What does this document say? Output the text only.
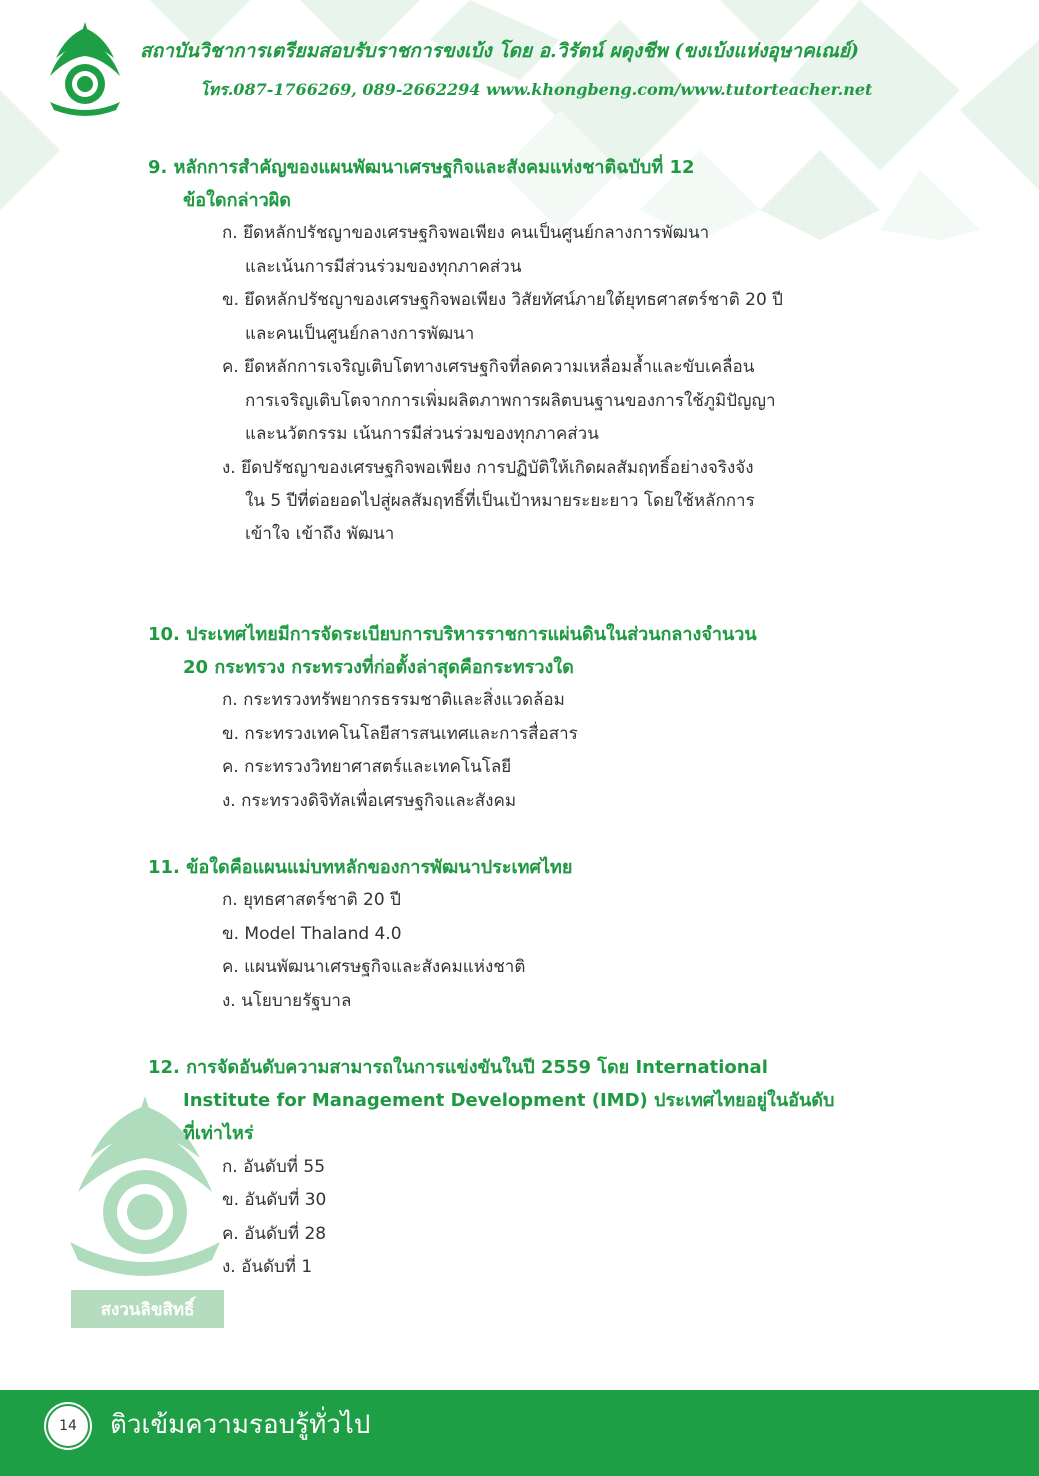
สถาบันวิชาการเตรียมสอบรับราชการขงเบ้ง โดย อ.วิรัตน์ ผดุงชีพ (ขงเบ้งแห่งอุษาคเณย์)
โทร.087-1766269, 089-2662294 www.khongbeng.com/www.tutorteacher.net
สงวนลิขสิทธิ์
9. หลักการสำคัญของแผนพัฒนาเศรษฐกิจและสังคมแห่งชาติฉบับที่ 12
ข้อใดกล่าวผิด
ก. ยึดหลักปรัชญาของเศรษฐกิจพอเพียง คนเป็นศูนย์กลางการพัฒนา
และเน้นการมีส่วนร่วมของทุกภาคส่วน
ข. ยึดหลักปรัชญาของเศรษฐกิจพอเพียง วิสัยทัศน์ภายใต้ยุทธศาสตร์ชาติ 20 ปี
และคนเป็นศูนย์กลางการพัฒนา
ค. ยึดหลักการเจริญเติบโตทางเศรษฐกิจที่ลดความเหลื่อมล้ำและขับเคลื่อน
การเจริญเติบโตจากการเพิ่มผลิตภาพการผลิตบนฐานของการใช้ภูมิปัญญา
และนวัตกรรม เน้นการมีส่วนร่วมของทุกภาคส่วน
ง. ยึดปรัชญาของเศรษฐกิจพอเพียง การปฏิบัติให้เกิดผลสัมฤทธิ์อย่างจริงจัง
ใน 5 ปีที่ต่อยอดไปสู่ผลสัมฤทธิ์ที่เป็นเป้าหมายระยะยาว โดยใช้หลักการ
เข้าใจ เข้าถึง พัฒนา
10. ประเทศไทยมีการจัดระเบียบการบริหารราชการแผ่นดินในส่วนกลางจำนวน
20 กระทรวง กระทรวงที่ก่อตั้งล่าสุดคือกระทรวงใด
ก. กระทรวงทรัพยากรธรรมชาติและสิ่งแวดล้อม
ข. กระทรวงเทคโนโลยีสารสนเทศและการสื่อสาร
ค. กระทรวงวิทยาศาสตร์และเทคโนโลยี
ง. กระทรวงดิจิทัลเพื่อเศรษฐกิจและสังคม
11. ข้อใดคือแผนแม่บทหลักของการพัฒนาประเทศไทย
ก. ยุทธศาสตร์ชาติ 20 ปี
ข. Model Thaland 4.0
ค. แผนพัฒนาเศรษฐกิจและสังคมแห่งชาติ
ง. นโยบายรัฐบาล
12. การจัดอันดับความสามารถในการแข่งขันในปี 2559 โดย International
Institute for Management Development (IMD) ประเทศไทยอยู่ในอันดับ
ที่เท่าไหร่
ก. อันดับที่ 55
ข. อันดับที่ 30
ค. อันดับที่ 28
ง. อันดับที่ 1
14	ติวเข้มความรอบรู้ทั่วไป
